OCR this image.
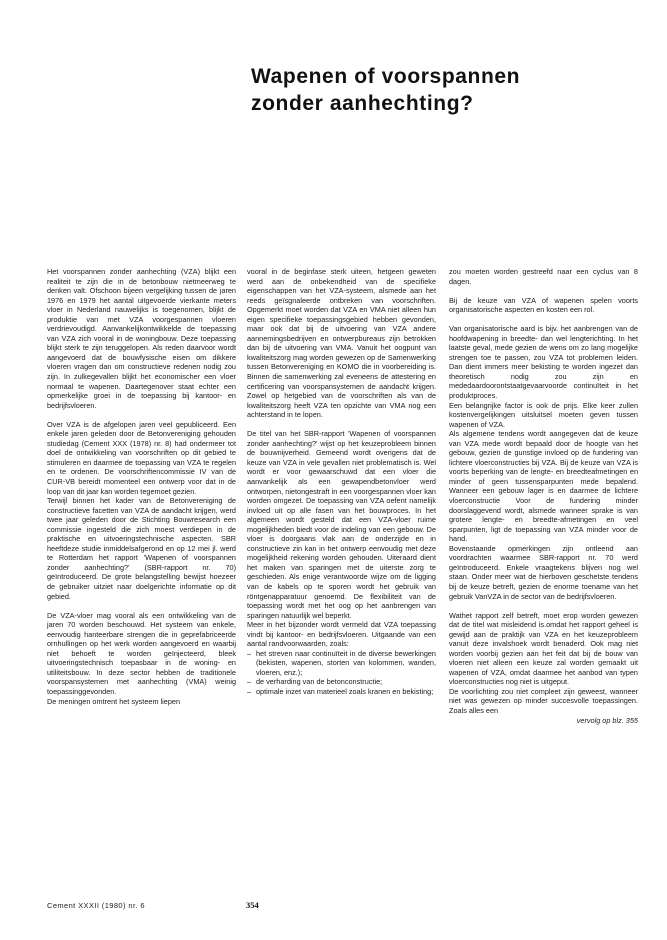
Wapenen of voorspannen
zonder aanhechting?

Het voorspannen zonder aanhechting (VZA) blijkt een realiteit te zijn die in de betonbouw nietmeerweg te denken valt. Ofschoon bijeen vergelijking tussen de jaren 1976 en 1979 het aantal uitgevoerde vierkante meters vloer in Nederland nauwelijks is toegenomen, blijkt de produktie van met VZA voorgespannen vloeren verdrievoudigd. Aanvankelijkontwikkelde de toepassing van VZA zich vooral in de woningbouw. Deze toepassing blijkt sterk te zijn teruggelopen. Als reden daarvoor wordt aangevoerd dat de bouwfysische eisen om dikkere vloeren vragen dan om constructieve redenen nodig zou zijn. In zulkegevallen blijkt het economischer een vloer normaal te wapenen. Daartegenover staat echter een opmerkelijke groei in de toepassing bij kantoor- en bedrijfsvloeren.

Over VZA is de afgelopen jaren veel gepubliceerd. Een enkele jaren geleden door de Betonvereniging gehouden studiedag (Cement XXX (1978) nr. 8) had ondermeer tot doel de ontwikkeling van voorschriften op dit gebied te stimuleren en daarmee de toepassing van VZA te regelen en te ordenen. De voorschriftencommissie IV van de CUR-VB bereidt momenteel een ontwerp voor dat in de loop van dit jaar kan worden tegemoet gezien.

Terwijl binnen het kader van de Betonvereniging de constructieve facetten van VZA de aandacht krijgen, werd twee jaar geleden door de Stichting Bouwresearch een commissie ingesteld die zich moest verdiepen in de praktische en uitvoeringstechnische aspecten. SBR heeftdeze studie inmiddelsafgerond en op 12 mei jl. werd te Rotterdam het rapport 'Wapenen of voorspannen zonder aanhechting?' (SBR-rapport nr. 70) geïntroduceerd. De grote belangstelling bewijst hoezeer de gebruiker uitziet naar doelgerichte informatie op dit gebied.

De VZA-vloer mag vooral als een ontwikkeling van de jaren 70 worden beschouwd. Het systeem van enkele, eenvoudig hanteerbare strengen die in geprefabriceerde ornhullingen op het werk worden aangevoerd en waarbij niet behoeft te worden geïnjecteerd, bleek uitvoeringstechnisch toepasbaar in de woning- en utiliteitsbouw. In deze sector hebben de traditionele voorspansystemen met aanhechting (VMA) weinig toepassinggevonden.

De meningen omtrent het systeem liepen

vooral in de beginfase sterk uiteen, hetgeen geweten werd aan de onbekendheid van de specifieke eigenschappen van het VZA-systeem, alsmede aan het reeds geïsgnaleerde ontbreken van voorschriften. Opgemerkt moet worden dat VZA en VMA niet alleen hun eigen specifieke toepassingsgebied hebben gevonden, maar ook dat bij de uitvoering van VZA andere aannemingsbedrijven en ontwerpbureaus zijn betrokken dan bij de uitvoering van VMA. Vanuit het oogpunt van kwaliteitszorg mag worden gewezen op de Samenwerking tussen Betonvereniging en KOMO die in voorbereiding is. Binnen die samenwerking zal eveneens de attestering en certificering van voorspansystemen de aandacht krijgen. Zowel op hetgebied van de voorschriften als van de kwaliteitszorg heeft VZA ten opzichte van VMA nog een achterstand in te lopen.

De titel van het SBR-rapport 'Wapenen of voorspannen zonder aanhechting?' wijst op het keuzeprobleem binnen de bouwnijverheid. Gemeend wordt overigens dat de keuze van VZA in vele gevallen niet problematisch is. Wel wordt er voor gewaarschuwd dat een vloer die aanvankelijk als een gewapendbetonvloer werd ontworpen, nietongestraft in een voorgespannen vloer kan worden omgezet. De toepassing van VZA oefent namelijk invloed uit op alle fasen van het bouwproces. In het algemeen wordt gesteld dat een VZA-vloer ruime mogelijkheden biedt voor de indeling van een gebouw. De vloer is doorgaans vlak aan de onderzijde en in constructieve zin kan in het ontwerp eenvoudig met deze mogelijkheid rekening worden gehouden. Uiteraard dient het maken van sparingen met de uiterste zorg te geschieden. Als enige verantwoorde wijze om de ligging van de kabels op te sporen wordt het gebruik van röntgenapparatuur genoemd. De flexibiliteit van de toepassing wordt met het oog op het aanbrengen van sparingen natuurlijk wel beperkt.

Meer in het bijzonder wordt vermeld dat VZA toepassing vindt bij kantoor- en bedrijfsvloeren. Uitgaande van een aantal randvoorwaarden, zoals:

– het streven naar continuïteit in de diverse bewerkingen (bekisten, wapenen, storten van kolommen, wanden, vloeren, enz.);
– de verharding van de betonconstructie;
– optimale inzet van materieel zoals kranen en bekisting;

zou moeten worden gestreefd naar een cyclus van 8 dagen.

Bij de keuze van VZA of wapenen spelen voorts organisatorische aspecten en kosten een rol.

Van organisatorische aard is bijv. het aanbrengen van de hoofdwapening in breedte- dan wel lengterichting. In het laatste geval, mede gezien de wens om zo lang mogelijke strengen toe te passen, zou VZA tot problemen leiden. Dan dient immers meer bekisting te worden ingezet dan theoretisch nodig zou zijn en mededaardoorontstaatgevaarvoorde continuïteit in het produktproces.

Een belangrijke factor is ook de prijs. Elke keer zullen kostenvergelijkingen uitsluitsel moeten geven tussen wapenen of VZA.

Als algemene tendens wordt aangegeven dat de keuze van VZA mede wordt bepaald door de hoogte van het gebouw, gezien de gunstige invloed op de fundering van lichtere vloerconstructies bij VZA. Bij de keuze van VZA is voorts beperking van de lengte- en breedteafmetingen en minder of geen tussensparpunten mede bepalend. Wanneer een gebouw lager is en daarmee de lichtere vloerconstructie Voor de fundering minder doorslaggevend wordt, alsmede wanneer sprake is van grotere lengte- en breedte-afmetingen en veel sparpunten, ligt de toepassing van VZA minder voor de hand.

Bovenstaande opmerkingen zijn ontleend aan voordrachten waarmee SBR-rapport nr. 70 werd geïntroduceerd. Enkele vraagtekens blijven nog wel staan. Onder meer wat de hierboven geschetste tendens bij de keuze betreft, gezien de enorme toename van het gebruik VanVZA in de sector van de bedrijfsvloeren.

Wathet rapport zelf betreft, moet erop worden gewezen dat de titel wat misleidend is.omdat het rapport geheel is gewijd aan de praktijk van VZA en het keuzeprobleem vanuit deze invalshoek wordt benaderd. Ook mag niet worden voorbij gezien aan het feit dat bij de bouw van vloeren niet alleen een keuze zal worden gemaakt uit wapenen of VZA, omdat daarmee het aanbod van typen vloerconstructies nog niet is uitgeput.

De voorlichting zou niet compleet zijn geweest, wanneer niet was gewezen op minder succesvolle toepassingen. Zoals alles een

vervolg op blz. 355
Cement XXXII (1980) nr. 6	354
